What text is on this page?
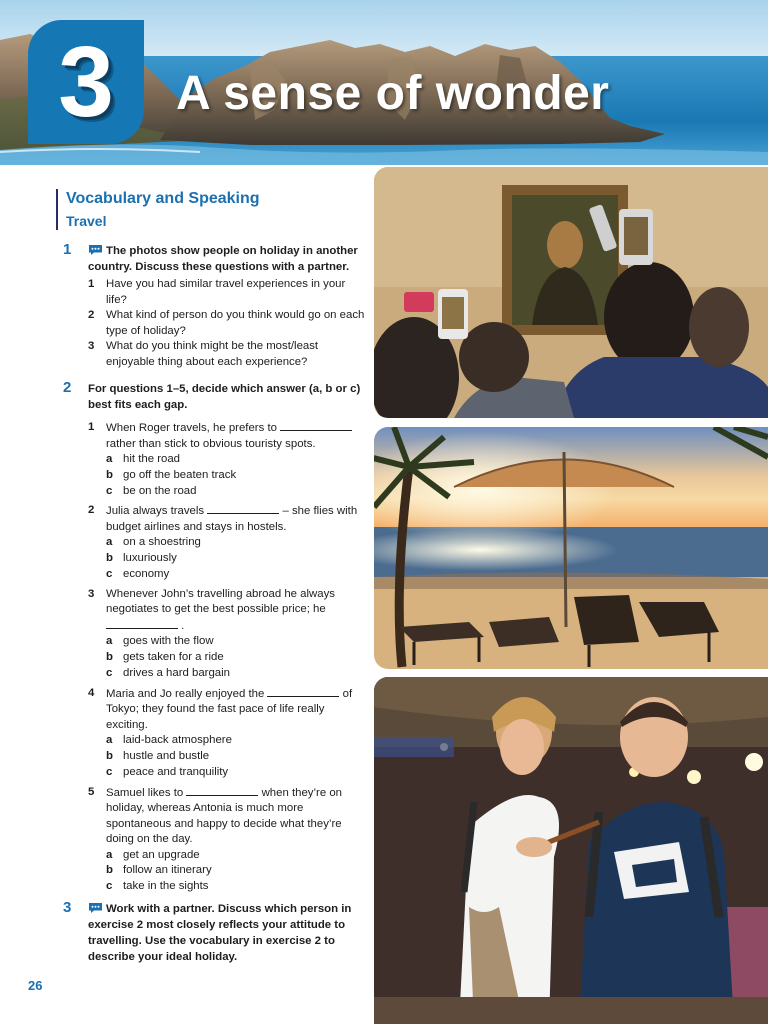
3	A sense of wonder
Vocabulary and Speaking
Travel
1	The photos show people on holiday in another country. Discuss these questions with a partner.
1	Have you had similar travel experiences in your life?
2	What kind of person do you think would go on each type of holiday?
3	What do you think might be the most/least enjoyable thing about each experience?
2 For questions 1–5, decide which answer (a, b or c) best fits each gap.
1	When Roger travels, he prefers to  rather than stick to obvious touristy spots.
a hit the road
b go off the beaten track
c be on the road
2	Julia always travels	– she flies with budget airlines and stays in hostels.
a on a shoestring
b luxuriously
c economy
3	Whenever John’s travelling abroad he always negotiates to get the best possible price; he  .
a goes with the flow
b gets taken for a ride
c drives a hard bargain
4	Maria and Jo really enjoyed the	of Tokyo; they found the fast pace of life really exciting.
a laid-back atmosphere
b hustle and bustle
c peace and tranquility
5	Samuel likes to	when they’re on holiday, whereas Antonia is much more spontaneous and happy to decide what they’re doing on the day.
a get an upgrade
b follow an itinerary
c take in the sights
3	Work with a partner. Discuss which person in exercise 2 most closely reflects your attitude to travelling. Use the vocabulary in exercise 2 to describe your ideal holiday.
26
